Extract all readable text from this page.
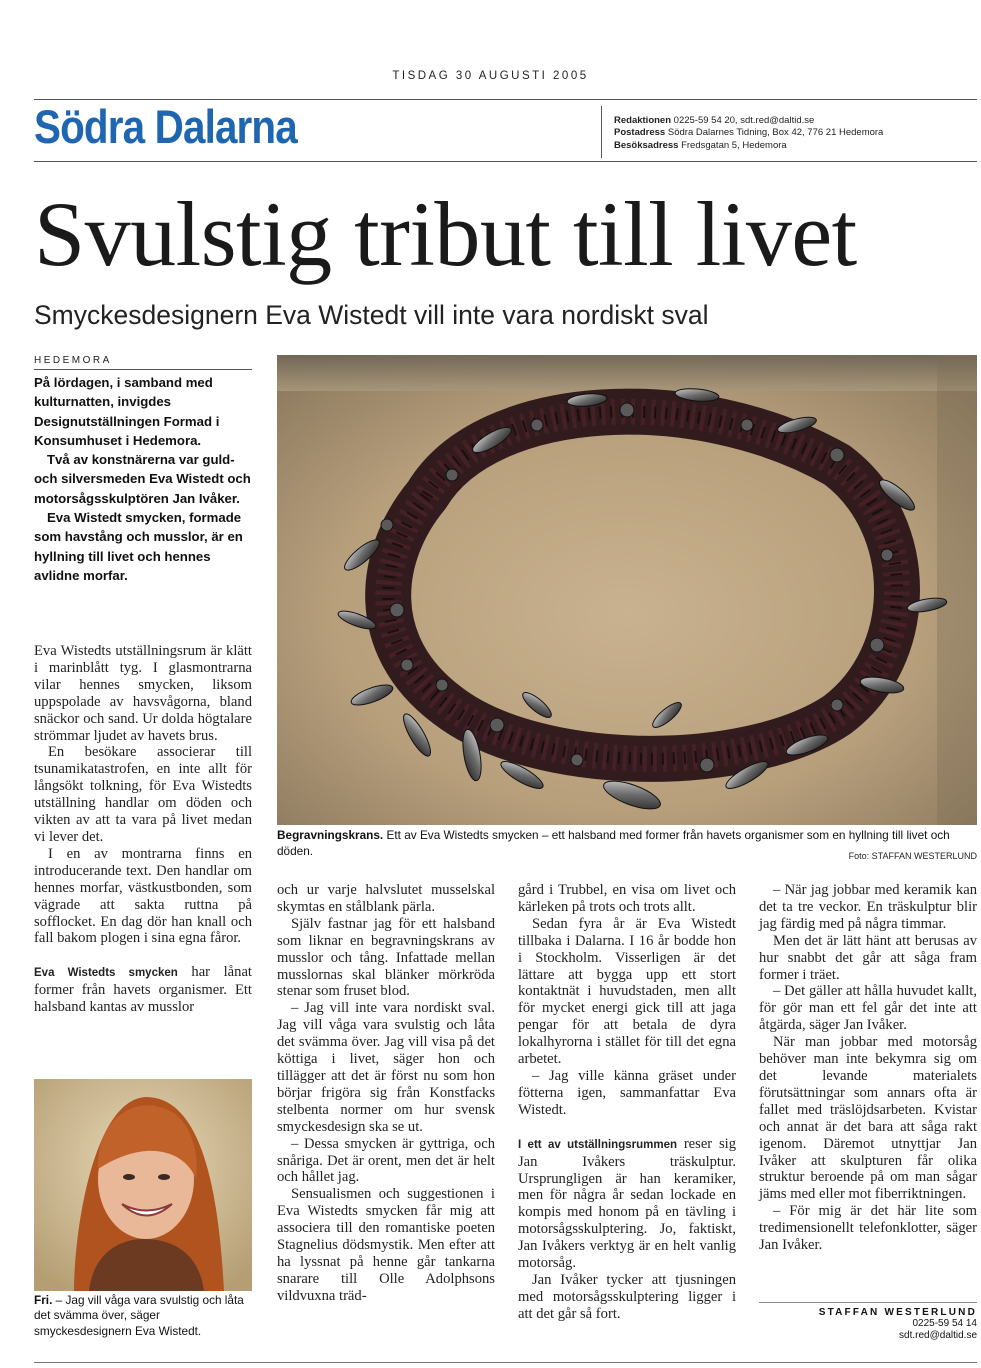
TISDAG 30 AUGUSTI 2005
Södra Dalarna	Redaktionen 0225-59 54 20, sdt.red@daltid.se
Postadress Södra Dalarnes Tidning, Box 42, 776 21 Hedemora
Besöksadress Fredsgatan 5, Hedemora
Svulstig tribut till livet
Smyckesdesignern Eva Wistedt vill inte vara nordiskt sval
HEDEMORA

På lördagen, i samband med kulturnatten, invigdes Designutställningen Formad i Konsumhuset i Hedemora.

Två av konstnärerna var guld- och silversmeden Eva Wistedt och motorsågsskulptören Jan Ivåker.

Eva Wistedt smycken, formade som havstång och musslor, är en hyllning till livet och hennes avlidne morfar.

Begravningskrans. Ett av Eva Wistedts smycken – ett halsband med former från havets organismer som en hyllning till livet och döden.	Foto: STAFFAN WESTERLUND

Eva Wistedts utställningsrum är klätt i marinblått tyg. I glasmontrarna vilar hennes smycken, liksom uppspolade av havsvågorna, bland snäckor och sand. Ur dolda högtalare strömmar ljudet av havets brus.

En besökare associerar till tsunamikatastrofen, en inte allt för långsökt tolkning, för Eva Wistedts utställning handlar om döden och vikten av att ta vara på livet medan vi lever det.

I en av montrarna finns en introducerande text. Den handlar om hennes morfar, västkustbonden, som vägrade att sakta ruttna på sofflocket. En dag dör han knall och fall bakom plogen i sina egna fåror.

Eva Wistedts smycken har lånat former från havets organismer. Ett halsband kantas av musslor

Fri. – Jag vill våga vara svulstig och låta det svämma över, säger smyckesdesignern Eva Wistedt.

och ur varje halvslutet musselskal skymtas en stålblank pärla.

Själv fastnar jag för ett halsband som liknar en begravningskrans av musslor och tång. Infattade mellan musslornas skal blänker mörkröda stenar som fruset blod.

– Jag vill inte vara nordiskt sval. Jag vill våga vara svulstig och låta det svämma över. Jag vill visa på det köttiga i livet, säger hon och tillägger att det är först nu som hon börjar frigöra sig från Konstfacks stelbenta normer om hur svensk smyckesdesign ska se ut.

– Dessa smycken är gyttriga, och snåriga. Det är orent, men det är helt och hållet jag.

Sensualismen och suggestionen i Eva Wistedts smycken får mig att associera till den romantiske poeten Stagnelius dödsmystik. Men efter att ha lyssnat på henne går tankarna snarare till Olle Adolphsons vildvuxna träd-

gård i Trubbel, en visa om livet och kärleken på trots och trots allt.

Sedan fyra år är Eva Wistedt tillbaka i Dalarna. I 16 år bodde hon i Stockholm. Visserligen är det lättare att bygga upp ett stort kontaktnät i huvudstaden, men allt för mycket energi gick till att jaga pengar för att betala de dyra lokalhyrorna i stället för till det egna arbetet.

– Jag ville känna gräset under fötterna igen, sammanfattar Eva Wistedt.

I ett av utställningsrummen reser sig Jan Ivåkers träskulptur. Ursprungligen är han keramiker, men för några år sedan lockade en kompis med honom på en tävling i motorsågsskulptering. Jo, faktiskt, Jan Ivåkers verktyg är en helt vanlig motorsåg.

Jan Ivåker tycker att tjusningen med motorsågsskulptering ligger i att det går så fort.

– När jag jobbar med keramik kan det ta tre veckor. En träskulptur blir jag färdig med på några timmar.

Men det är lätt hänt att berusas av hur snabbt det går att såga fram former i träet.

– Det gäller att hålla huvudet kallt, för gör man ett fel går det inte att åtgärda, säger Jan Ivåker.

När man jobbar med motorsåg behöver man inte bekymra sig om det levande materialets förutsättningar som annars ofta är fallet med träslöjdsarbeten. Kvistar och annat är det bara att såga rakt igenom. Däremot utnyttjar Jan Ivåker att skulpturen får olika struktur beroende på om man sågar jäms med eller mot fiberriktningen.

– För mig är det här lite som tredimensionellt telefonklotter, säger Jan Ivåker.

STAFFAN WESTERLUND
0225-59 54 14
sdt.red@daltid.se
